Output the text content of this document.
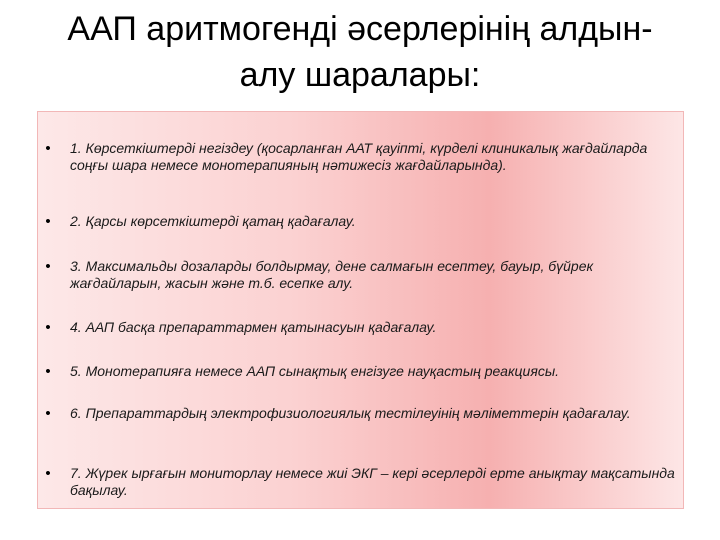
ААП аритмогенді әсерлерінің алдын-
алу шаралары:
•	1. Көрсеткіштерді негіздеу (қосарланған ААТ қауіпті, күрделі клиникалық жағдайларда соңғы шара немесе монотерапияның нәтижесіз жағдайларында).
•	2. Қарсы көрсеткіштерді қатаң қадағалау.
•	3. Максимальды дозаларды болдырмау, дене салмағын есептеу, бауыр, бүйрек жағдайларын, жасын және т.б. есепке алу.
•	4. ААП басқа препараттармен қатынасуын қадағалау.
•	5. Монотерапияға немесе ААП сынақтық енгізуге науқастың реакциясы.
•	6. Препараттардың электрофизиологиялық тестілеуінің мәліметтерін қадағалау.
•	7. Жүрек ырғағын мониторлау немесе жиі ЭКГ – кері әсерлерді ерте анықтау мақсатында бақылау.
